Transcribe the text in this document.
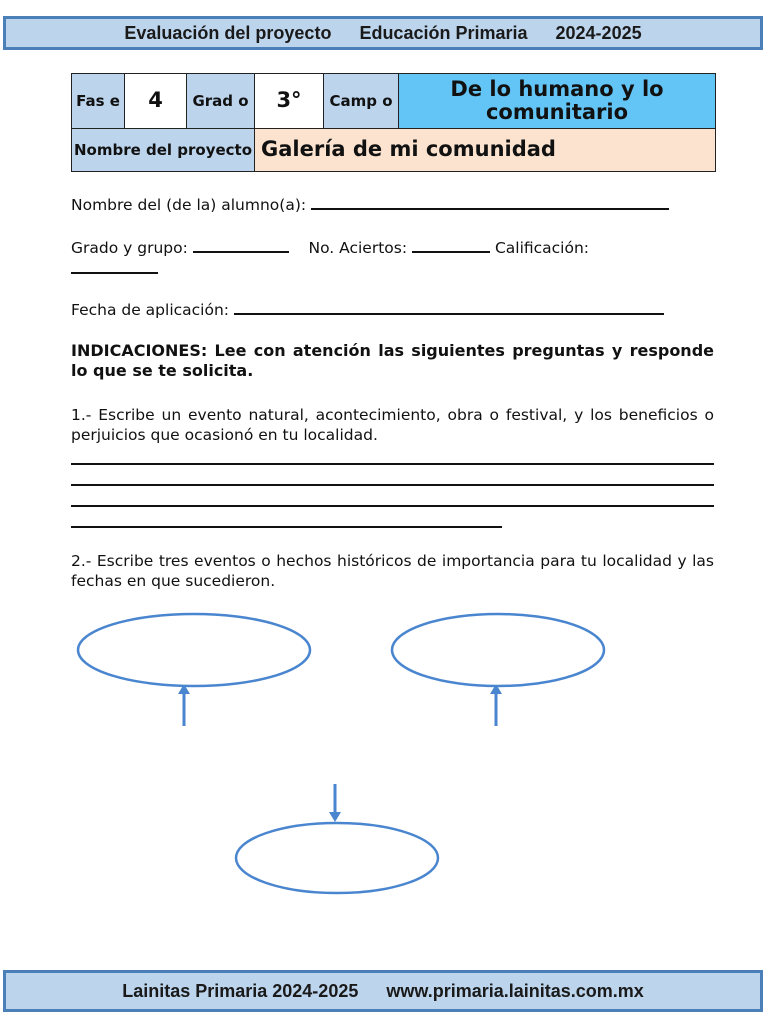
Evaluación del proyecto Educación Primaria 2024-2025
Fas e	4	Grad o	3°	Camp o	De lo humano y lo comunitario
Nombre del proyecto			Galería de mi comunidad		
Nombre del (de la) alumno(a):
Grado y grupo:	No. Aciertos:	Calificación:
Fecha de aplicación:
INDICACIONES: Lee con atención las siguientes preguntas y responde lo que se te solicita.
1.- Escribe un evento natural, acontecimiento, obra o festival, y los beneficios o perjuicios que ocasionó en tu localidad.
2.- Escribe tres eventos o hechos históricos de importancia para tu localidad y las fechas en que sucedieron.
Lainitas Primaria 2024-2025 www.primaria.lainitas.com.mx
